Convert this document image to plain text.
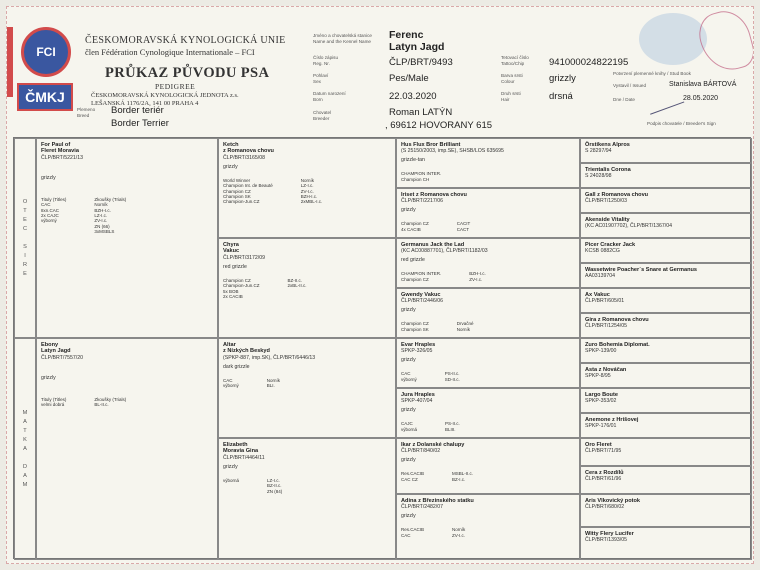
FCI
ČMKJ
ČESKOMORAVSKÁ KYNOLOGICKÁ UNIE
člen Fédération Cynologique Internationale – FCI
PRŮKAZ PŮVODU PSA
PEDIGREE
ČESKOMORAVSKÁ KYNOLOGICKÁ JEDNOTA z.s.
LEŠANSKÁ 1176/2A, 141 00 PRAHA 4
Plemeno
Breed	Border teriér
Border Terrier
Jméno a chovatelská stanice
Name and the Kennel Name
Ferenc
Latyn Jagd
Číslo zápisu
Reg. Nr.	ČLP/BRT/9493
Pohlaví
Sex	Pes/Male
Datum narození
Born	22.03.2020
Chovatel
Breeder
Roman LATÝN
, 69612 HOVORANY 615
Tetovací číslo
Tattoo/Chip	941000024822195
Barva srsti
Colour	grizzly
Druh srsti
Hair	drsná
Potvrzení plemenné knihy / Stud Book
Vystavil / Issued	Stanislava BÁRTOVÁ
Dne / Date	28.05.2020
Podpis chovatele / Breeder's Sign
O
T
E
C

S
I
R
E
M
A
T
K
A

D
A
M
For Paul of
Fleret Moravia
ČLP/BRT/5221/13
grizzly
Tituly (Titles)
CAC
8xn.CAC
2x CAJC
výborný
Zkoušky (Trials)
Norník
BZH-I.c.
LZ-I.c.
ZV-I.c.
ZN (66)
3xMSBLS
Ebony
Latyn Jagd
ČLP/BRT/7557/20
grizzly
Tituly (Titles)
velmi dobrá
Zkoušky (Trials)
BL-II.c.
Ketch
z Romanova chovu
ČLP/BRT/3165/08
grizzly
World Winner
Champion Int. de Beauté
Champion CZ
Champion SK
Champion-Jun.CZ
Norník
LZ-I.c.
ZV-I.c.
BZH-I.c.
2xMBL-I.c.
Chyra
Vakuc
ČLP/BRT/3172/09
red grizzle
Champion CZ
Champion-Jun.CZ
5x BOB
2x CACIB
BZ-II.c.
2xBL-II.c.
Altar
z Nízkých Beskyd
(SPKP-887, imp.SK), ČLP/BRT/6446/13
dark grizzle
CAC
výborný
Norník
BLI.
Elizabeth
Moravia Gina
ČLP/BRT/4464/11
grizzly
výborná	LZ-I.c.
BZ-II.c.
ZN (84)
Hus Flux Bror Brilliant
(S 25150/2003, imp.SE), SHSB/LOS 635695
grizzle-tan
CHAMPION INTER.
Champion CH
Iriset z Romanova chovu
ČLP/BRT/2217/06
grizzly
Champion CZ
4x CACIB
CACIT
CACT
Germanus Jack the Lad
(KC AC00887701), ČLP/BRT/1182/03
red grizzle
CHAMPION INTER.
Champion CZ
BZH-I.c.
ZV-I.c.
Gwendy Vakuc
ČLP/BRT/2446/06
grizzly
Champion CZ
Champion SK
Drvačné
Norník
Evar Hraples
SPKP-326/05
grizzly
CAC
výborný
PS-II.c.
SD-II.c.
Jura Hraples
SPKP-407/04
grizzly
CAJC
výborná
PS-II.c.
BLIII.
Ikar z Dolanské chalupy
ČLP/BRT/840/02
grizzly
Res.CACIB
CAC CZ
MSBL-II.c.
BZ-I.c.
Adina z Březinského statku
ČLP/BRT/2482/07
grizzly
Res.CACIB
CAC
Norník
ZV-I.c.
Örstikens Alpros
S 28297/94
Trientalis Corona
S 24028/98
Gall z Romanova chovu
ČLP/BRT/1250/03
Akenside Vitality
(KC AC01907702), ČLP/BRT/1367/04
Picer Cracker Jack
KCSB 0882CG
Wassetwire Poacher´s Snare at Germanus
AA03139704
Ax Vakuc
ČLP/BRT/605/01
Gira z Romanova chovu
ČLP/BRT/1254/05
Zuro Bohemia Diplomat.
SPKP-139/00
Asta z Nováčan
SPKP-8/95
Largo Boute
SPKP-353/02
Anemone z Hrišovej
SPKP-176/01
Oro Fleret
ČLP/BRT/71/95
Cera z Rozdílů
ČLP/BRT/61/96
Aris Vlkovický potok
ČLP/BRT/680/02
Witty Flery Lucifer
ČLP/BRT/1393/05
